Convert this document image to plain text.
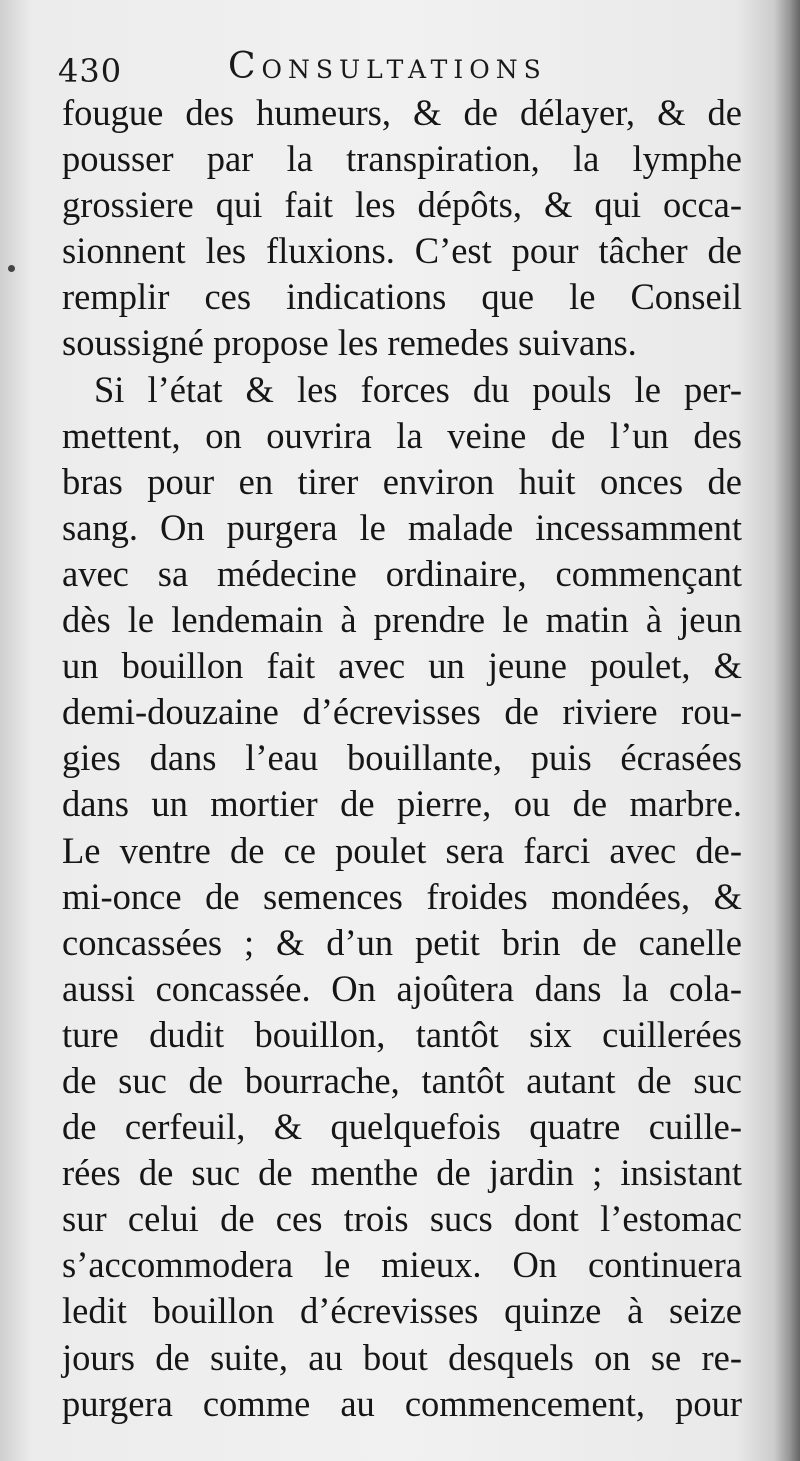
430	Consultations
fougue des humeurs, & de délayer, & de
pousser par la transpiration, la lymphe
grossiere qui fait les dépôts, & qui occa-
sionnent les fluxions. C’est pour tâcher de
remplir ces indications que le Conseil
soussigné propose les remedes suivans.
Si l’état & les forces du pouls le per-
mettent, on ouvrira la veine de l’un des
bras pour en tirer environ huit onces de
sang. On purgera le malade incessamment
avec sa médecine ordinaire, commençant
dès le lendemain à prendre le matin à jeun
un bouillon fait avec un jeune poulet, &
demi-douzaine d’écrevisses de riviere rou-
gies dans l’eau bouillante, puis écrasées
dans un mortier de pierre, ou de marbre.
Le ventre de ce poulet sera farci avec de-
mi-once de semences froides mondées, &
concassées ; & d’un petit brin de canelle
aussi concassée. On ajoûtera dans la cola-
ture dudit bouillon, tantôt six cuillerées
de suc de bourrache, tantôt autant de suc
de cerfeuil, & quelquefois quatre cuille-
rées de suc de menthe de jardin ; insistant
sur celui de ces trois sucs dont l’estomac
s’accommodera le mieux. On continuera
ledit bouillon d’écrevisses quinze à seize
jours de suite, au bout desquels on se re-
purgera comme au commencement, pour
